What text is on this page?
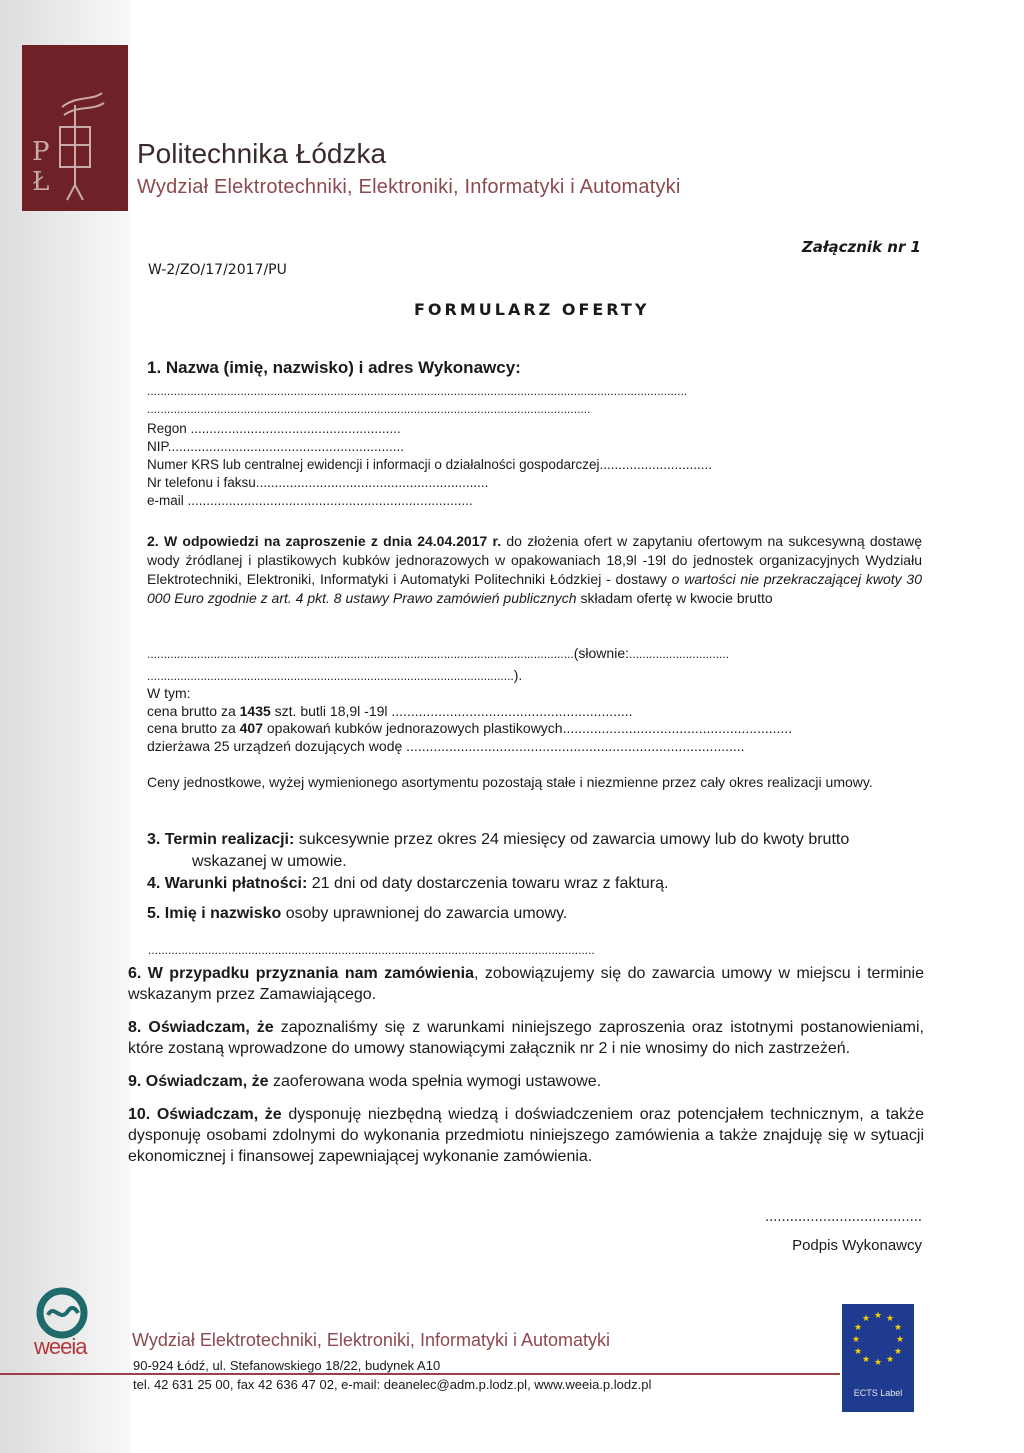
P Ł
Politechnika Łódzka
Wydział Elektrotechniki, Elektroniki, Informatyki i Automatyki
Załącznik nr 1
W-2/ZO/17/2017/PU
FORMULARZ OFERTY
1. Nazwa (imię, nazwisko) i adres Wykonawcy:
..................................................................................................................................................................
.....................................................................................................................................
Regon ........................................................
NIP...............................................................
Numer KRS lub centralnej ewidencji i informacji o działalności gospodarczej..............................
Nr telefonu i faksu..............................................................
e-mail ............................................................................
2. W odpowiedzi na zaproszenie z dnia 24.04.2017 r. do złożenia ofert w zapytaniu ofertowym na sukcesywną dostawę wody źródlanej i plastikowych kubków jednorazowych w opakowaniach 18,9l -19l do jednostek organizacyjnych Wydziału Elektrotechniki, Elektroniki, Informatyki i Automatyki Politechniki Łódzkiej - dostawy o wartości nie przekraczającej kwoty 30 000 Euro zgodnie z art. 4 pkt. 8 ustawy Prawo zamówień publicznych składam ofertę w kwocie brutto
................................................................................................................................(słownie:..............................
..............................................................................................................).
W tym:
cena brutto za 1435 szt. butli 18,9l -19l ..............................................................
cena brutto za 407 opakowań kubków jednorazowych plastikowych...........................................................
dzierżawa 25 urządzeń dozujących wodę .......................................................................................
Ceny jednostkowe, wyżej wymienionego asortymentu pozostają stałe i niezmienne przez cały okres realizacji umowy.
3. Termin realizacji: sukcesywnie przez okres 24 miesięcy od zawarcia umowy lub do kwoty brutto
wskazanej w umowie.
4. Warunki płatności: 21 dni od daty dostarczenia towaru wraz z fakturą.
5. Imię i nazwisko osoby uprawnionej do zawarcia umowy.
......................................................................................................................................

6. W przypadku przyznania nam zamówienia, zobowiązujemy się do zawarcia umowy w miejscu i terminie wskazanym przez Zamawiającego.

8. Oświadczam, że zapoznaliśmy się z warunkami niniejszego zaproszenia oraz istotnymi postanowieniami, które zostaną wprowadzone do umowy stanowiącymi załącznik nr 2 i nie wnosimy do nich zastrzeżeń.

9. Oświadczam, że zaoferowana woda spełnia wymogi ustawowe.

10. Oświadczam, że dysponuję niezbędną wiedzą i doświadczeniem oraz potencjałem technicznym, a także dysponuję osobami zdolnymi do wykonania przedmiotu niniejszego zamówienia a także znajduję się w sytuacji ekonomicznej i finansowej zapewniającej wykonanie zamówienia.

......................................
Podpis Wykonawcy
weeia	Wydział Elektrotechniki, Elektroniki, Informatyki i Automatyki
90-924 Łódź, ul. Stefanowskiego 18/22, budynek A10
tel. 42 631 25 00, fax 42 636 47 02, e-mail: deanelec@adm.p.lodz.pl, www.weeia.p.lodz.pl
★ ★
★
★
★
★
★
★
★
★
★
★
ECTS Label
